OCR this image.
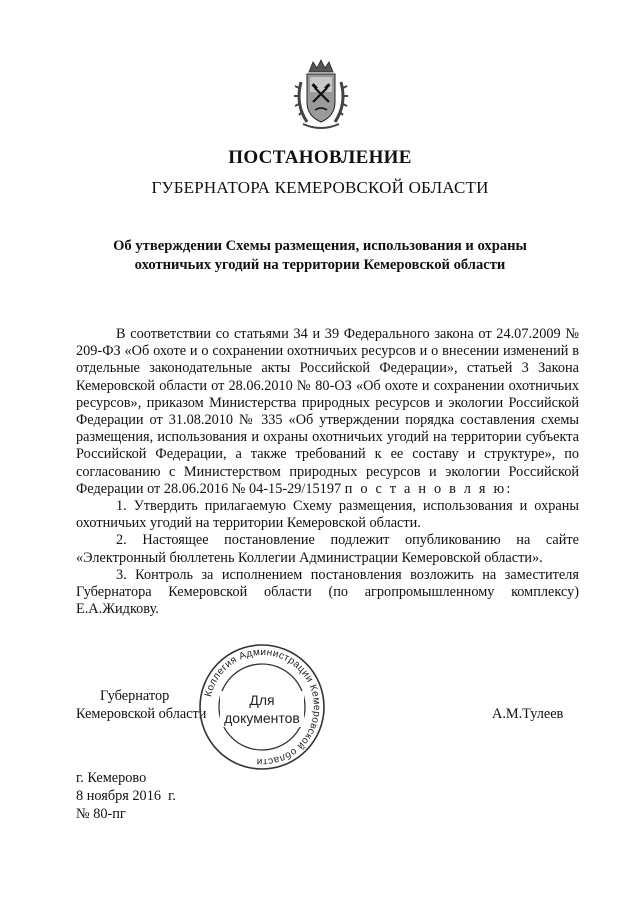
ПОСТАНОВЛЕНИЕ
ГУБЕРНАТОРА КЕМЕРОВСКОЙ ОБЛАСТИ
Об утверждении Схемы размещения, использования и охраны
охотничьих угодий на территории Кемеровской области

В соответствии со статьями 34 и 39 Федерального закона от 24.07.2009 № 209-ФЗ «Об охоте и о сохранении охотничьих ресурсов и о внесении изменений в отдельные законодательные акты Российской Федерации», статьей 3 Закона Кемеровской области от 28.06.2010 № 80-ОЗ «Об охоте и сохранении охотничьих ресурсов», приказом Министерства природных ресурсов и экологии Российской Федерации от 31.08.2010 № 335 «Об утверждении порядка составления схемы размещения, использования и охраны охотничьих угодий на территории субъекта Российской Федерации, а также требований к ее составу и структуре», по согласованию с Министерством природных ресурсов и экологии Российской Федерации от 28.06.2016 № 04-15-29/15197 п о с т а н о в л я ю:

1. Утвердить прилагаемую Схему размещения, использования и охраны охотничьих угодий на территории Кемеровской области.

2. Настоящее постановление подлежит опубликованию на сайте «Электронный бюллетень Коллегии Администрации Кемеровской области».

3. Контроль за исполнением постановления возложить на заместителя Губернатора Кемеровской области (по агропромышленному комплексу) Е.А.Жидкову.

Губернатор
Кемеровской области	А.М.Тулеев
Коллегия Администрации Кемеровской области
Для
документов
г. Кемерово
8 ноября 2016  г.
№ 80-пг
